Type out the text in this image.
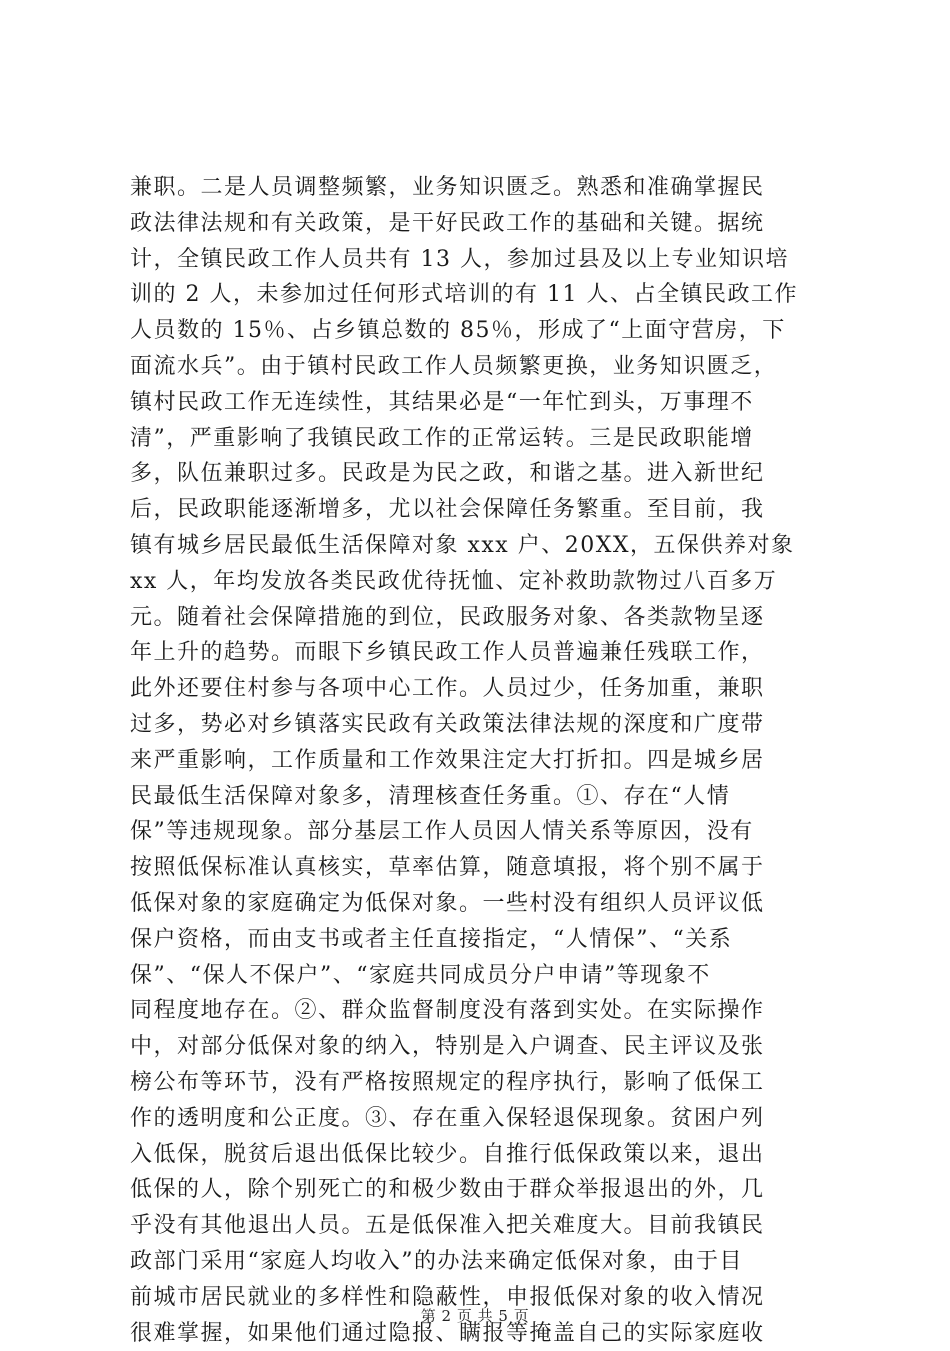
兼职。二是人员调整频繁，业务知识匮乏。熟悉和准确掌握民
政法律法规和有关政策，是干好民政工作的基础和关键。据统
计，全镇民政工作人员共有 13 人，参加过县及以上专业知识培
训的 2 人，未参加过任何形式培训的有 11 人、占全镇民政工作
人员数的 15％、占乡镇总数的 85％，形成了“上面守营房，下
面流水兵”。由于镇村民政工作人员频繁更换，业务知识匮乏，
镇村民政工作无连续性，其结果必是“一年忙到头，万事理不
清”，严重影响了我镇民政工作的正常运转。三是民政职能增
多，队伍兼职过多。民政是为民之政，和谐之基。进入新世纪
后，民政职能逐渐增多，尤以社会保障任务繁重。至目前，我
镇有城乡居民最低生活保障对象 xxx 户、20XX，五保供养对象
xx 人，年均发放各类民政优待抚恤、定补救助款物过八百多万
元。随着社会保障措施的到位，民政服务对象、各类款物呈逐
年上升的趋势。而眼下乡镇民政工作人员普遍兼任残联工作，
此外还要住村参与各项中心工作。人员过少，任务加重，兼职
过多，势必对乡镇落实民政有关政策法律法规的深度和广度带
来严重影响，工作质量和工作效果注定大打折扣。四是城乡居
民最低生活保障对象多，清理核查任务重。①、存在“人情
保”等违规现象。部分基层工作人员因人情关系等原因，没有
按照低保标准认真核实，草率估算，随意填报，将个别不属于
低保对象的家庭确定为低保对象。一些村没有组织人员评议低
保户资格，而由支书或者主任直接指定，“人情保”、“关系
保”、“保人不保户”、“家庭共同成员分户申请”等现象不
同程度地存在。②、群众监督制度没有落到实处。在实际操作
中，对部分低保对象的纳入，特别是入户调查、民主评议及张
榜公布等环节，没有严格按照规定的程序执行，影响了低保工
作的透明度和公正度。③、存在重入保轻退保现象。贫困户列
入低保，脱贫后退出低保比较少。自推行低保政策以来，退出
低保的人，除个别死亡的和极少数由于群众举报退出的外，几
乎没有其他退出人员。五是低保准入把关难度大。目前我镇民
政部门采用“家庭人均收入”的办法来确定低保对象，由于目
前城市居民就业的多样性和隐蔽性，申报低保对象的收入情况
很难掌握，如果他们通过隐报、瞒报等掩盖自己的实际家庭收
第 2 页 共 5 页
